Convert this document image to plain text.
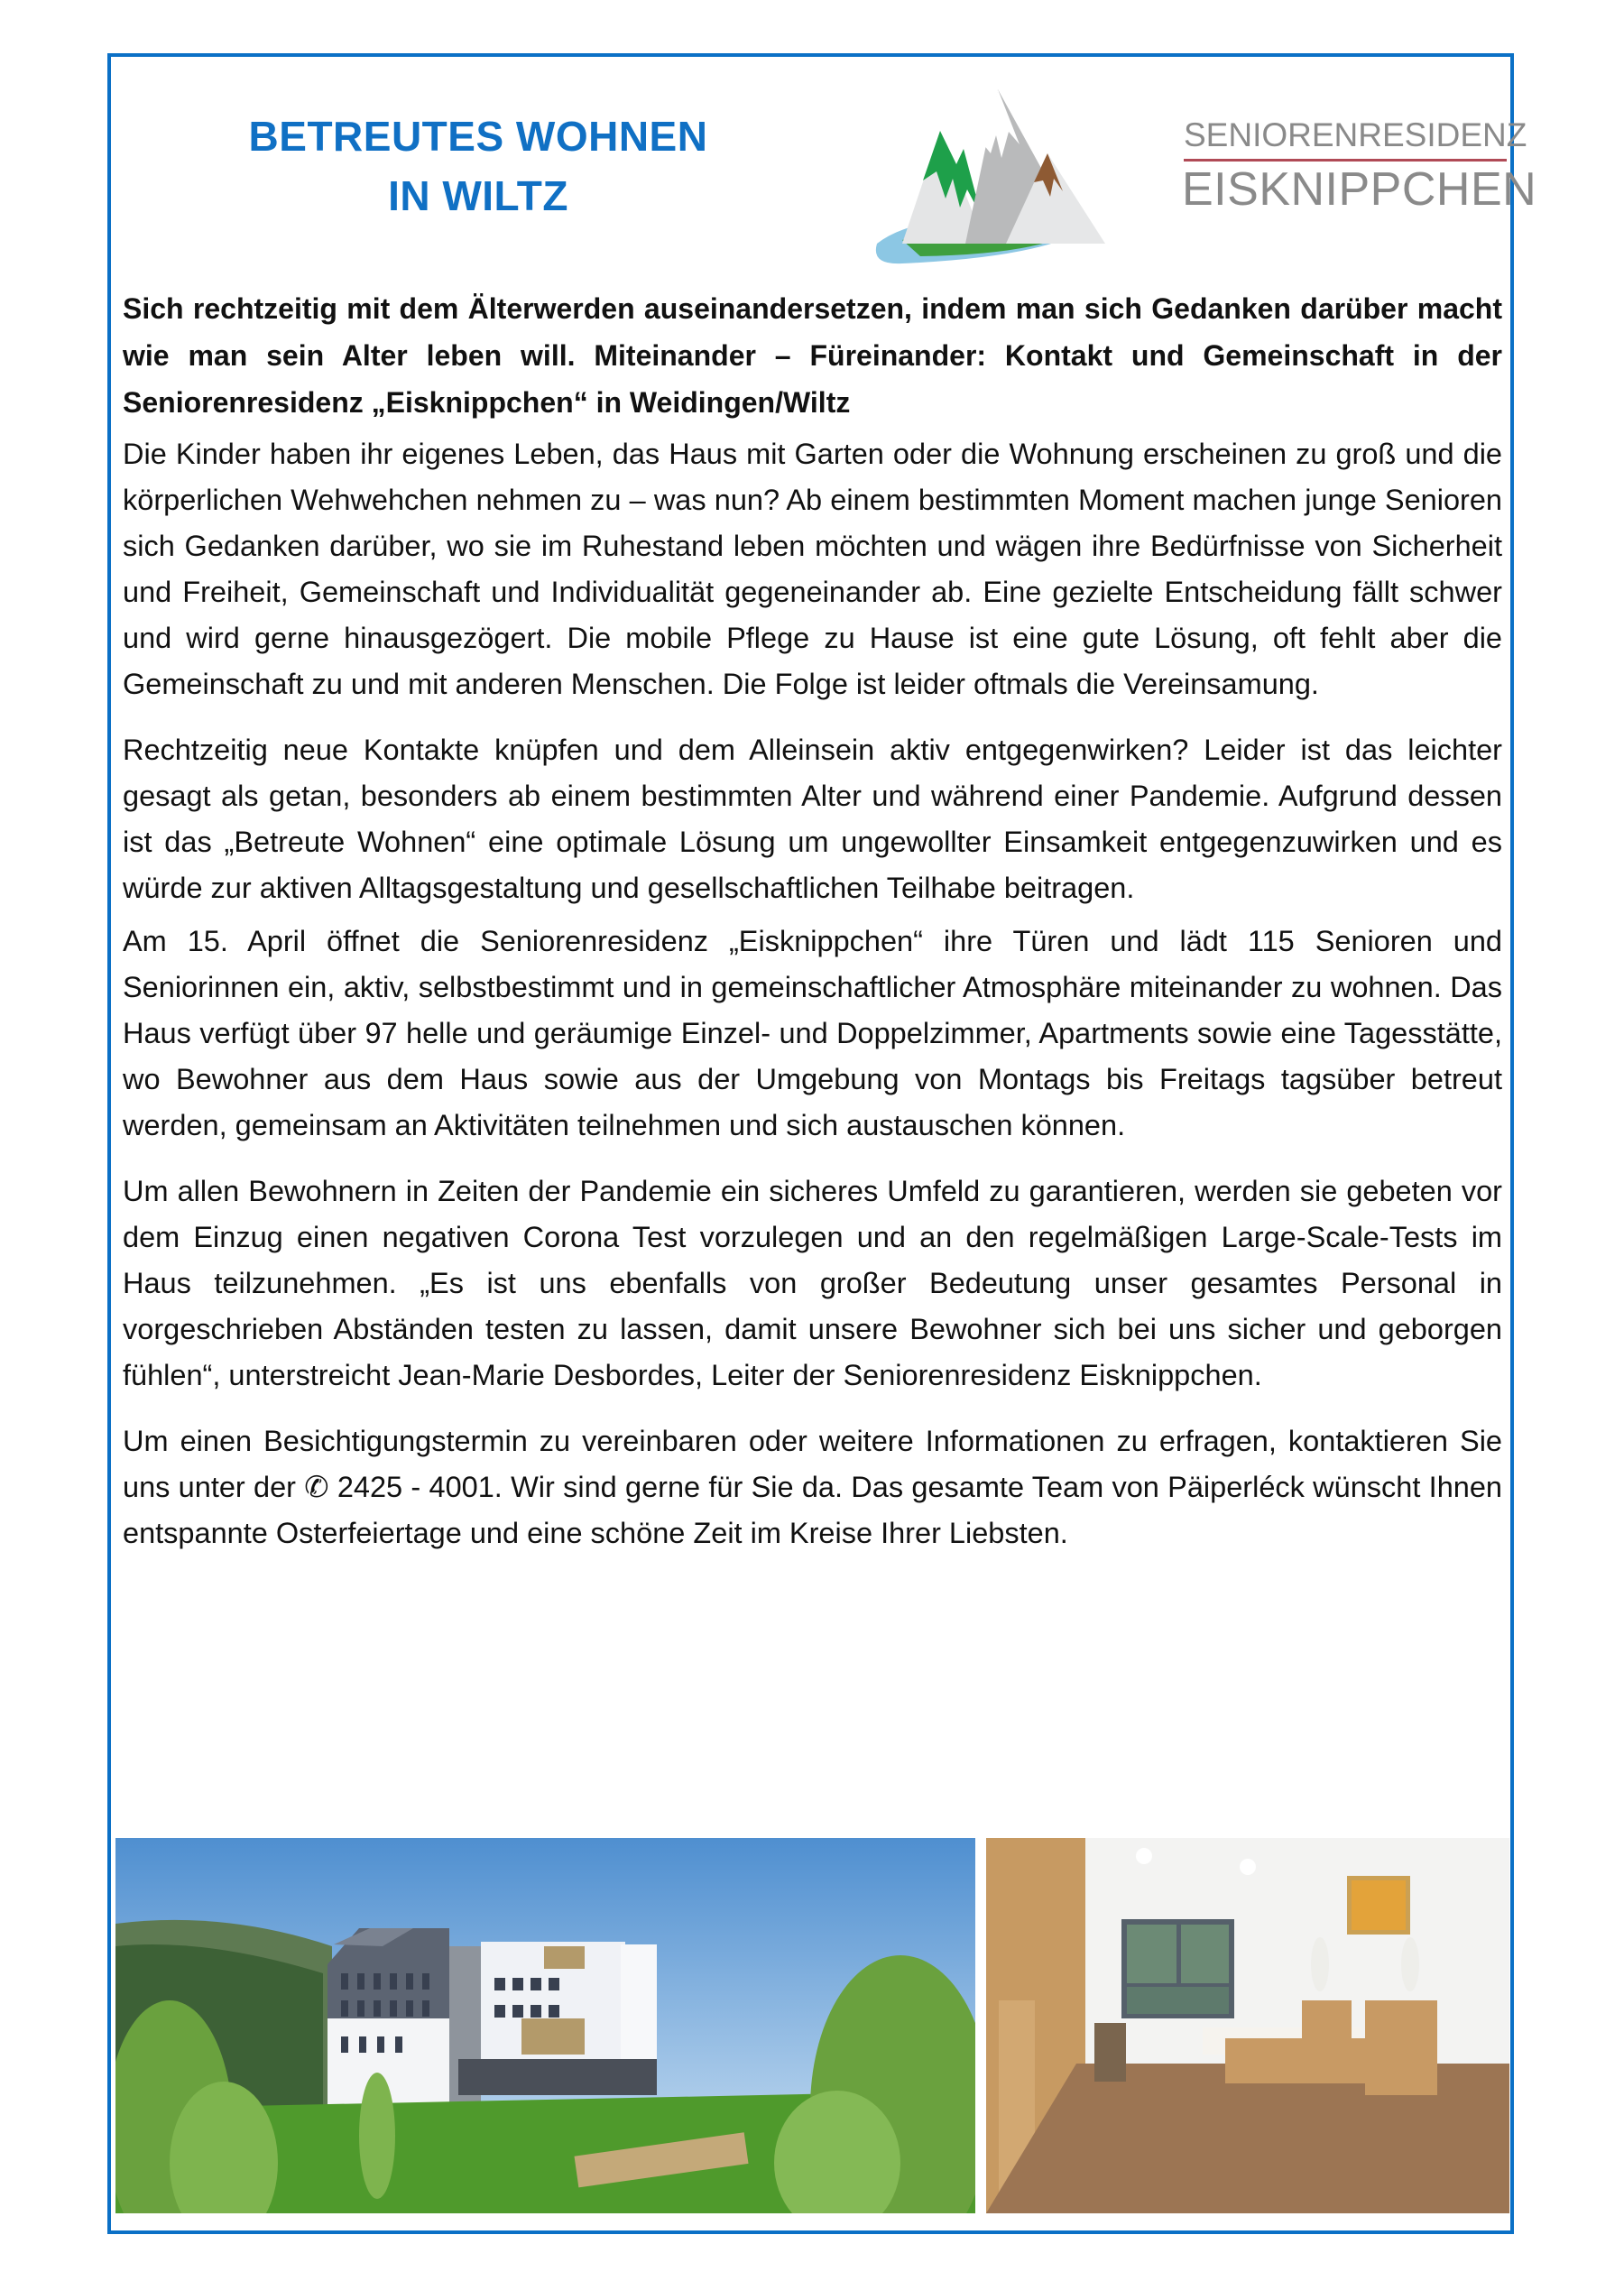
BETREUTES WOHNEN
IN WILTZ
SENIORENRESIDENZ
EISKNIPPCHEN

Sich rechtzeitig mit dem Älterwerden auseinandersetzen, indem man sich Gedanken darüber macht wie man sein Alter leben will. Miteinander – Füreinander: Kontakt und Gemeinschaft in der Seniorenresidenz „Eisknippchen“ in Weidingen/Wiltz

Die Kinder haben ihr eigenes Leben, das Haus mit Garten oder die Wohnung erscheinen zu groß und die körperlichen Wehwehchen nehmen zu – was nun? Ab einem bestimmten Moment machen junge Senioren sich Gedanken darüber, wo sie im Ruhestand leben möchten und wägen ihre Bedürfnisse von Sicherheit und Freiheit, Gemeinschaft und Individualität gegeneinander ab. Eine gezielte Entscheidung fällt schwer und wird gerne hinausgezögert. Die mobile Pflege zu Hause ist eine gute Lösung, oft fehlt aber die Gemeinschaft zu und mit anderen Menschen. Die Folge ist leider oftmals die Vereinsamung.

Rechtzeitig neue Kontakte knüpfen und dem Alleinsein aktiv entgegenwirken? Leider ist das leichter gesagt als getan, besonders ab einem bestimmten Alter und während einer Pandemie. Aufgrund dessen ist das „Betreute Wohnen“ eine optimale Lösung um ungewollter Einsamkeit entgegenzuwirken und es würde zur aktiven Alltagsgestaltung und gesellschaftlichen Teilhabe beitragen.

Am 15. April öffnet die Seniorenresidenz „Eisknippchen“ ihre Türen und lädt 115 Senioren und Seniorinnen ein, aktiv, selbstbestimmt und in gemeinschaftlicher Atmosphäre miteinander zu wohnen. Das Haus verfügt über 97 helle und geräumige Einzel- und Doppelzimmer, Apartments sowie eine Tagesstätte, wo Bewohner aus dem Haus sowie aus der Umgebung von Montags bis Freitags tagsüber betreut werden, gemeinsam an Aktivitäten teilnehmen und sich austauschen können.

Um allen Bewohnern in Zeiten der Pandemie ein sicheres Umfeld zu garantieren, werden sie gebeten vor dem Einzug einen negativen Corona Test vorzulegen und an den regelmäßigen Large-Scale-Tests im Haus teilzunehmen. „Es ist uns ebenfalls von großer Bedeutung unser gesamtes Personal in vorgeschrieben Abständen testen zu lassen, damit unsere Bewohner sich bei uns sicher und geborgen fühlen“, unterstreicht Jean-Marie Desbordes, Leiter der Seniorenresidenz Eisknippchen.

Um einen Besichtigungstermin zu vereinbaren oder weitere Informationen zu erfragen, kontaktieren Sie uns unter der ✆ 2425 - 4001. Wir sind gerne für Sie da. Das gesamte Team von Päiperléck wünscht Ihnen entspannte Osterfeiertage und eine schöne Zeit im Kreise Ihrer Liebsten.
